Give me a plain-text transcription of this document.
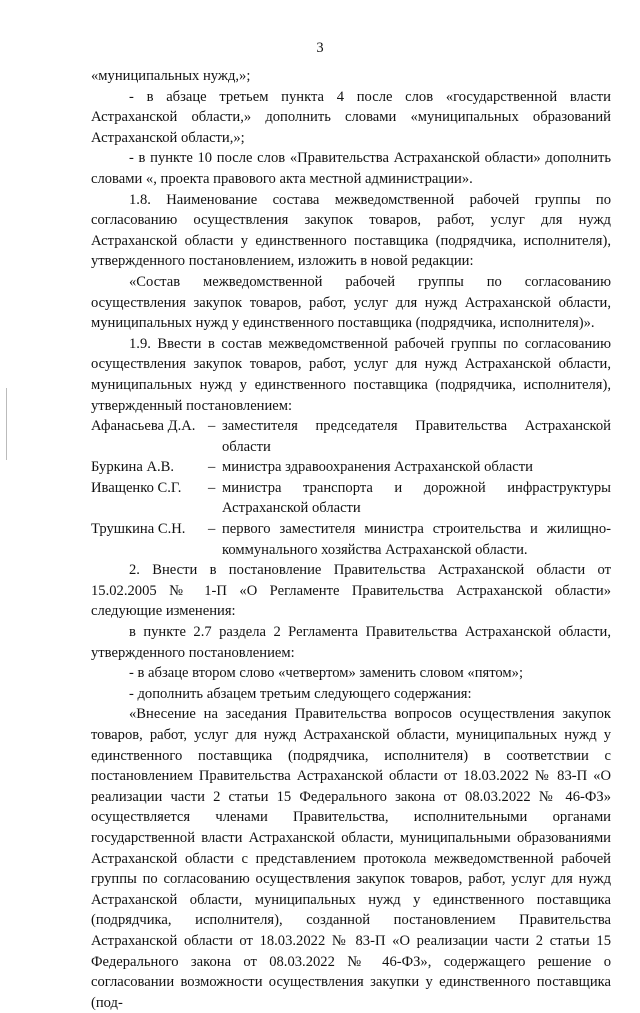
3

«муниципальных нужд,»;

- в абзаце третьем пункта 4 после слов «государственной власти Астраханской области,» дополнить словами «муниципальных образований Астраханской области,»;

- в пункте 10 после слов «Правительства Астраханской области» дополнить словами «, проекта правового акта местной администрации».

1.8. Наименование состава межведомственной рабочей группы по согласованию осуществления закупок товаров, работ, услуг для нужд Астраханской области у единственного поставщика (подрядчика, исполнителя), утвержденного постановлением, изложить в новой редакции:

«Состав межведомственной рабочей группы по согласованию осуществления закупок товаров, работ, услуг для нужд Астраханской области, муниципальных нужд у единственного поставщика (подрядчика, исполнителя)».

1.9. Ввести в состав межведомственной рабочей группы по согласованию осуществления закупок товаров, работ, услуг для нужд Астраханской области, муниципальных нужд у единственного поставщика (подрядчика, исполнителя), утвержденный постановлением:

Афанасьева Д.А. – заместителя председателя Правительства Астраханской области
Буркина А.В.	– министра здравоохранения Астраханской области
Иващенко С.Г.	– министра транспорта и дорожной инфраструктуры Астраханской области
Трушкина С.Н.	– первого заместителя министра строительства и жилищно-коммунального хозяйства Астраханской области.

2. Внести в постановление Правительства Астраханской области от 15.02.2005 № 1-П «О Регламенте Правительства Астраханской области» следующие изменения:

в пункте 2.7 раздела 2 Регламента Правительства Астраханской области, утвержденного постановлением:

- в абзаце втором слово «четвертом» заменить словом «пятом»;

- дополнить абзацем третьим следующего содержания:

«Внесение на заседания Правительства вопросов осуществления закупок товаров, работ, услуг для нужд Астраханской области, муниципальных нужд у единственного поставщика (подрядчика, исполнителя) в соответствии с постановлением Правительства Астраханской области от 18.03.2022 № 83-П «О реализации части 2 статьи 15 Федерального закона от 08.03.2022 № 46-ФЗ» осуществляется членами Правительства, исполнительными органами государственной власти Астраханской области, муниципальными образованиями Астраханской области с представлением протокола межведомственной рабочей группы по согласованию осуществления закупок товаров, работ, услуг для нужд Астраханской области, муниципальных нужд у единственного поставщика (подрядчика, исполнителя), созданной постановлением Правительства Астраханской области от 18.03.2022 № 83-П «О реализации части 2 статьи 15 Федерального закона от 08.03.2022 № 46-ФЗ», содержащего решение о согласовании возможности осуществления закупки у единственного поставщика (под-
